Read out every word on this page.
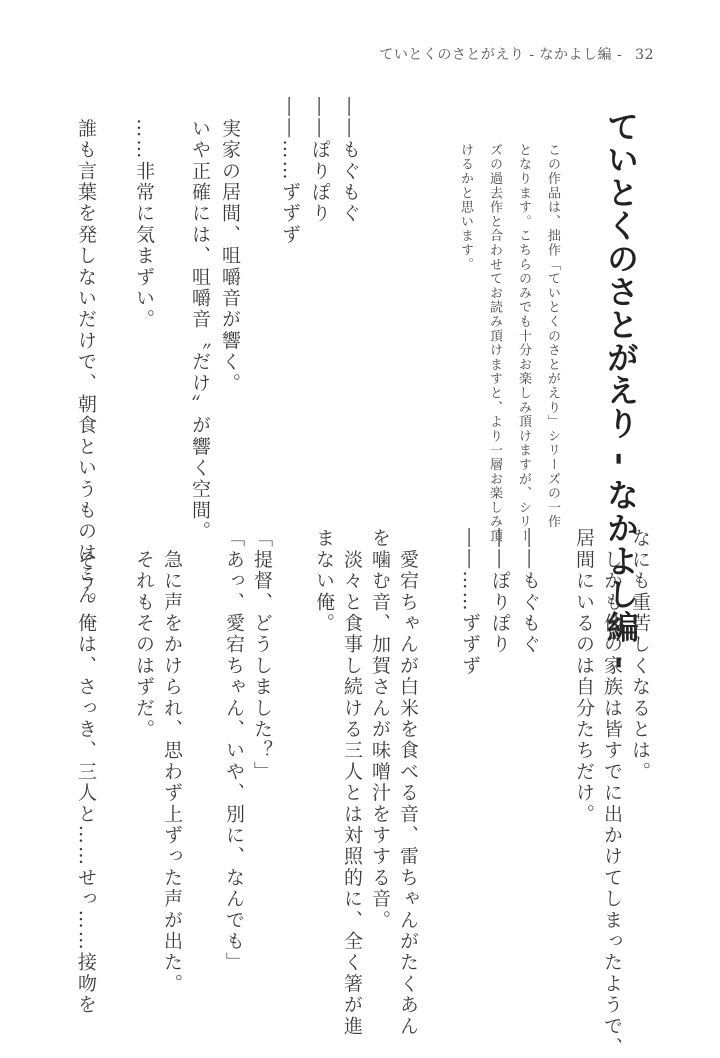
ていとくのさとがえり - なかよし編 - 32
ていとくのさとがえり - なかよし編 -
この作品は、拙作「ていとくのさとがえり」シリーズの一作
となります。こちらのみでも十分お楽しみ頂けますが、シリー
ズの過去作と合わせてお読み頂けますと、より一層お楽しみ頂
けるかと思います。
――もぐもぐ
――ぽりぽり
――……ずずず
　実家の居間、咀嚼音が響く。
　いや正確には、咀嚼音〝だけ〟が響く空間。
　……非常に気まずい。
　誰も言葉を発しないだけで、朝食というものはこん
なにも重苦しくなるとは。
　しかも他の家族は皆すでに出かけてしまったようで、
居間にいるのは自分たちだけ。
――もぐもぐ
――ぽりぽり
――……ずずず
　愛宕ちゃんが白米を食べる音、雷ちゃんがたくあん
を噛む音、加賀さんが味噌汁をすする音。
　淡々と食事し続ける三人とは対照的に、全く箸が進
まない俺。
「提督、どうしました？」
「あっ、愛宕ちゃん、いや、別に、なんでも」
　急に声をかけられ、思わず上ずった声が出た。
　それもそのはずだ。
　そう。俺は、さっき、三人と……せっ……接吻を
